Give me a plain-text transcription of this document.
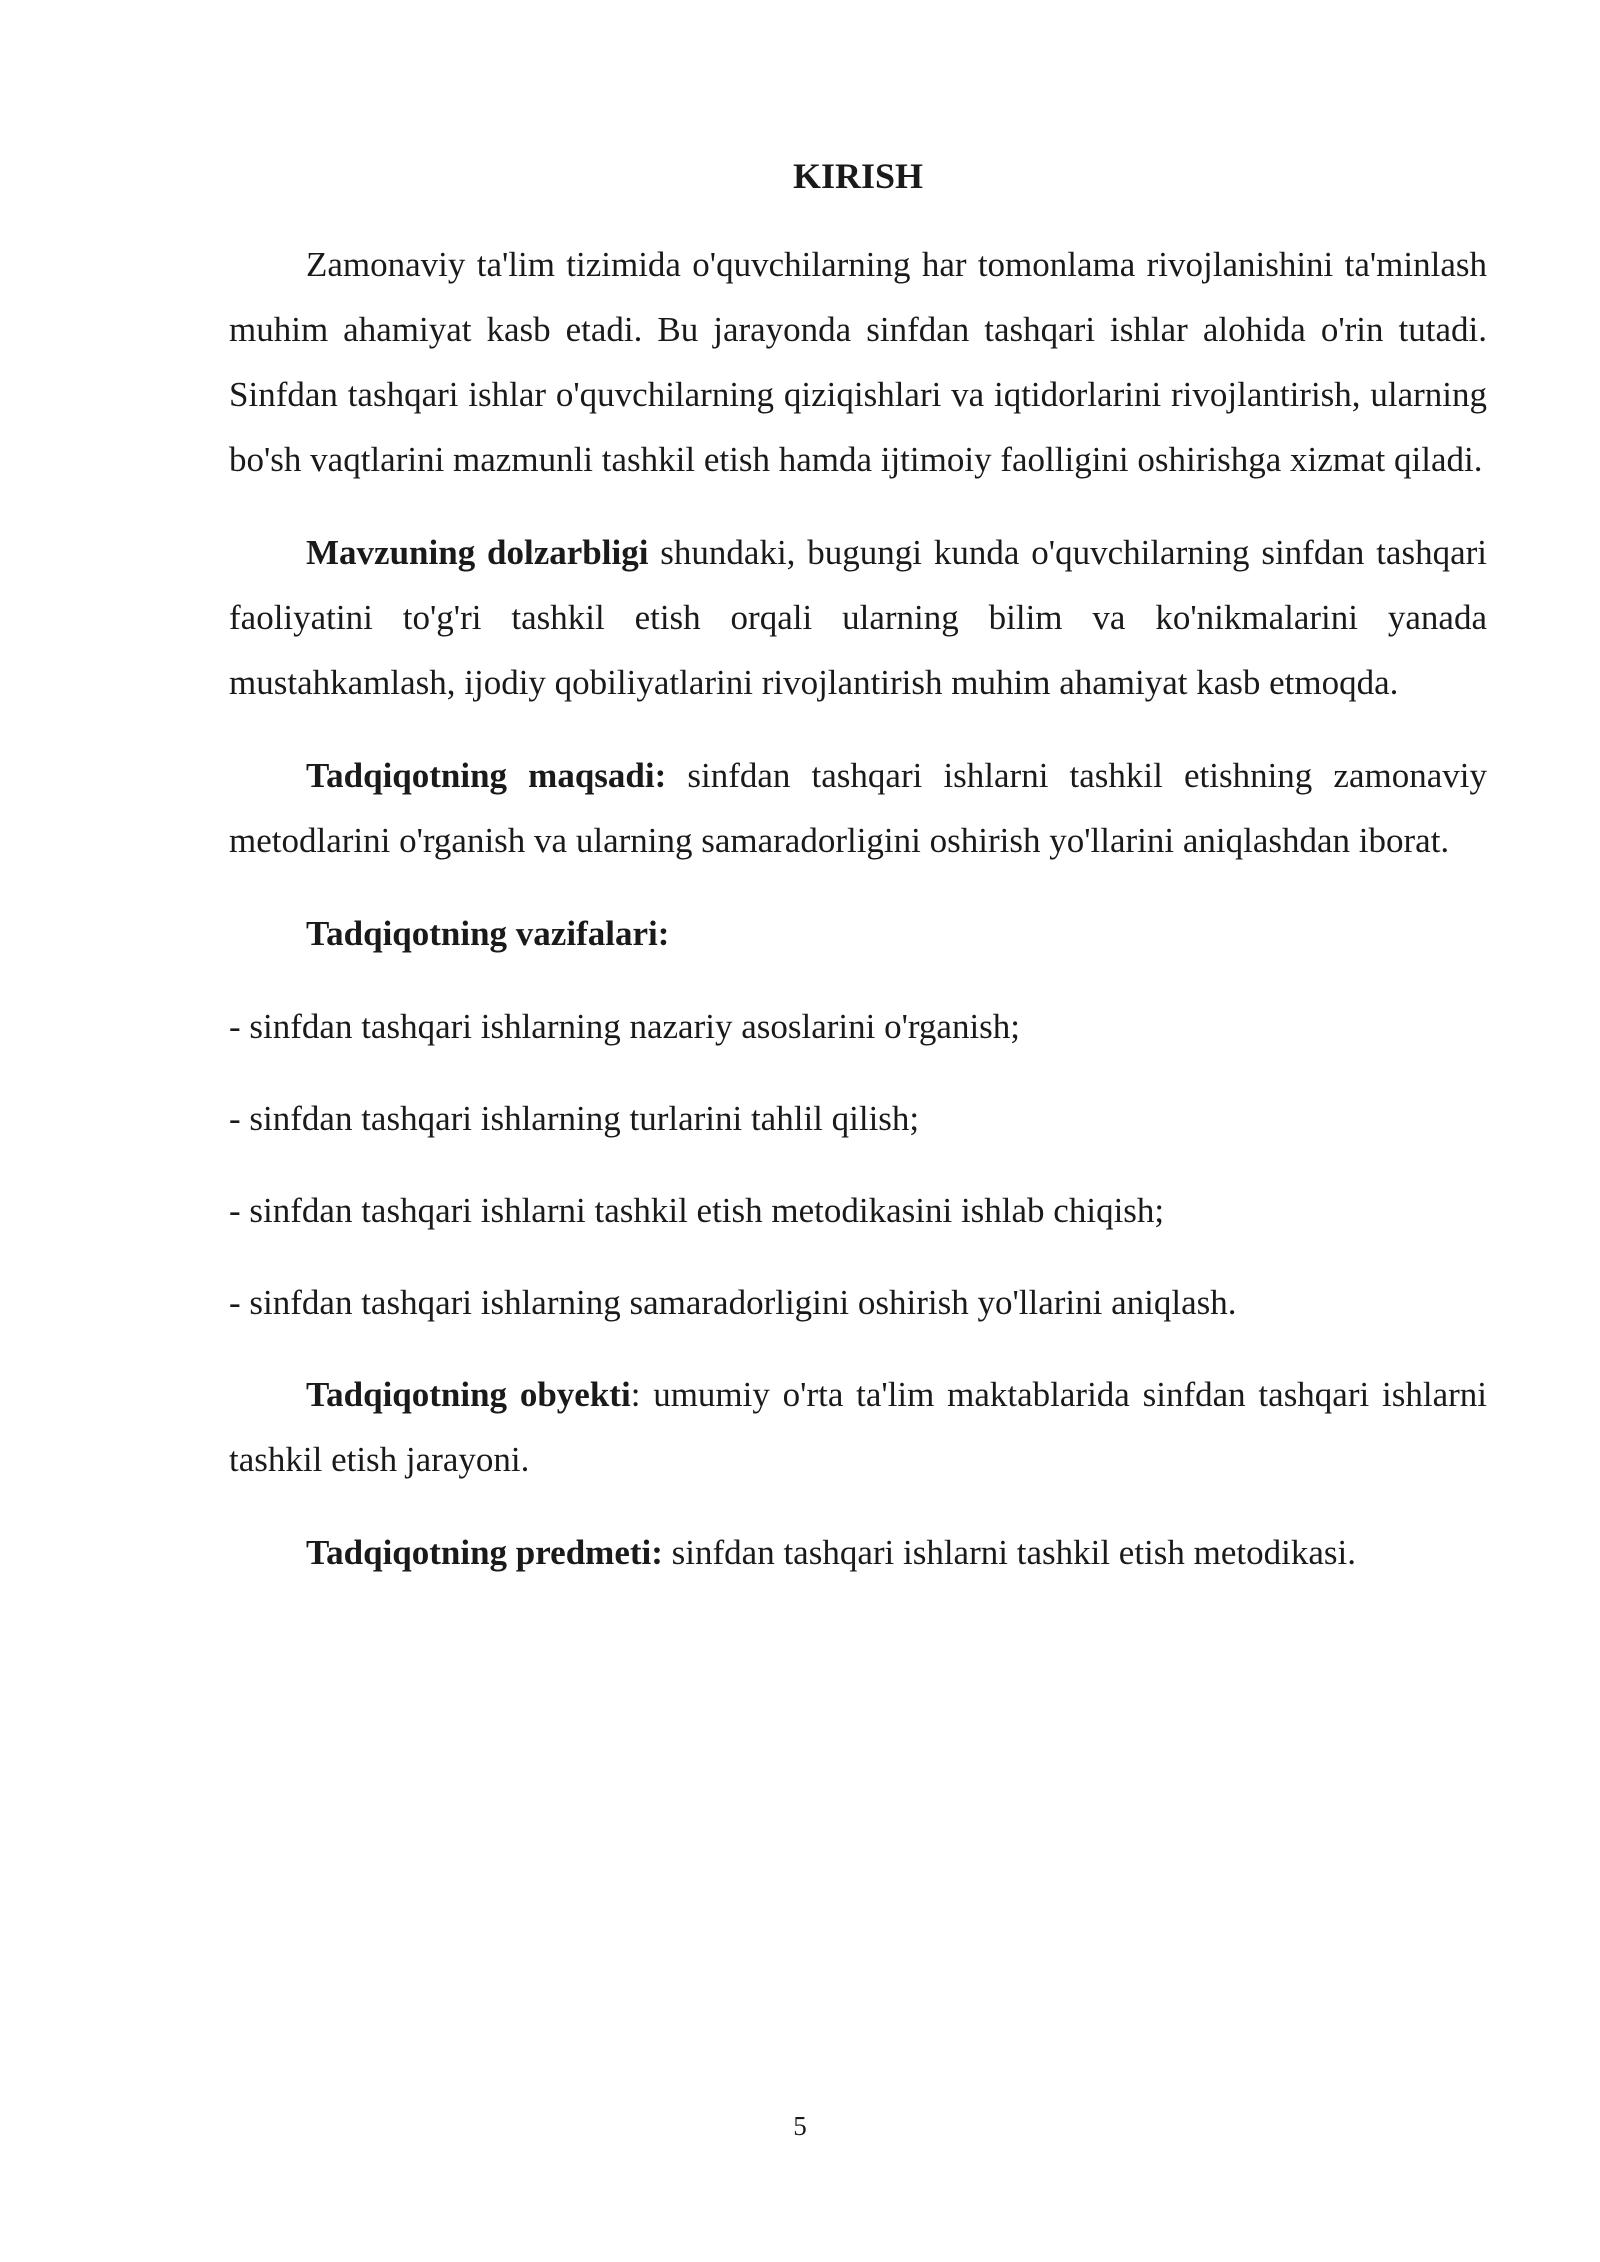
KIRISH

Zamonaviy ta'lim tizimida o'quvchilarning har tomonlama rivojlanishini ta'minlash muhim ahamiyat kasb etadi. Bu jarayonda sinfdan tashqari ishlar alohida o'rin tutadi. Sinfdan tashqari ishlar o'quvchilarning qiziqishlari va iqtidorlarini rivojlantirish, ularning bo'sh vaqtlarini mazmunli tashkil etish hamda ijtimoiy faolligini oshirishga xizmat qiladi.

Mavzuning dolzarbligi shundaki, bugungi kunda o'quvchilarning sinfdan tashqari faoliyatini to'g'ri tashkil etish orqali ularning bilim va ko'nikmalarini yanada mustahkamlash, ijodiy qobiliyatlarini rivojlantirish muhim ahamiyat kasb etmoqda.

Tadqiqotning maqsadi: sinfdan tashqari ishlarni tashkil etishning zamonaviy metodlarini o'rganish va ularning samaradorligini oshirish yo'llarini aniqlashdan iborat.

Tadqiqotning vazifalari:
- sinfdan tashqari ishlarning nazariy asoslarini o'rganish;
- sinfdan tashqari ishlarning turlarini tahlil qilish;
- sinfdan tashqari ishlarni tashkil etish metodikasini ishlab chiqish;
- sinfdan tashqari ishlarning samaradorligini oshirish yo'llarini aniqlash.

Tadqiqotning obyekti: umumiy o'rta ta'lim maktablarida sinfdan tashqari ishlarni tashkil etish jarayoni.

Tadqiqotning predmeti: sinfdan tashqari ishlarni tashkil etish metodikasi.

5
